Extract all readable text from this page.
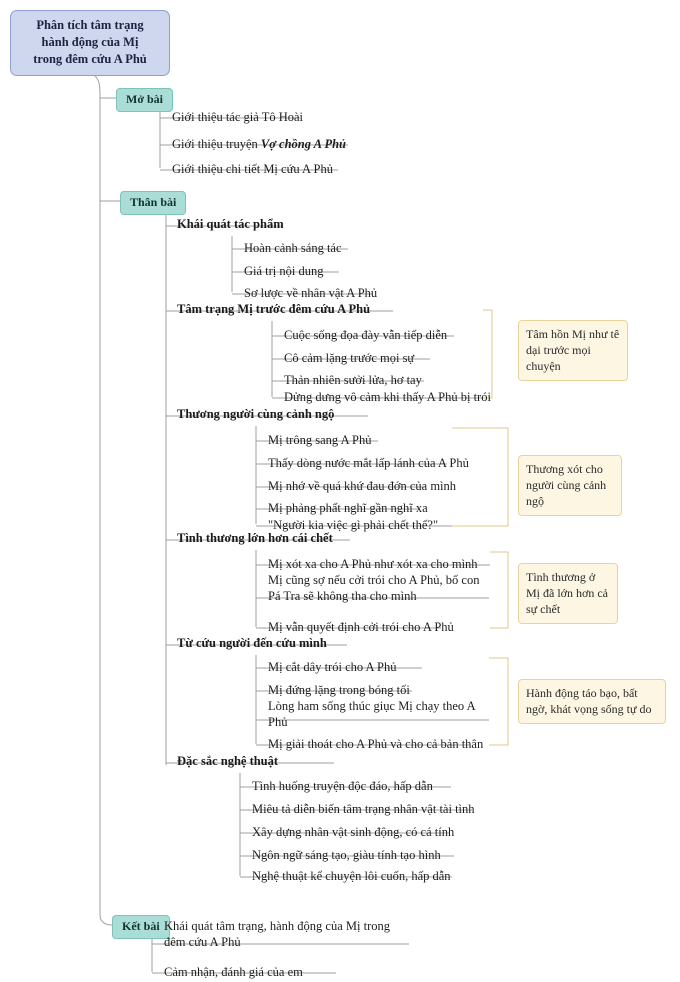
Phân tích tâm trạng
hành động của Mị
trong đêm cứu A Phủ
Mở bài
Giới thiệu tác giả Tô Hoài
Giới thiệu truyện Vợ chồng A Phủ
Giới thiệu chi tiết Mị cứu A Phủ
Thân bài
Khái quát tác phẩm
Hoàn cảnh sáng tác
Giá trị nội dung
Sơ lược về nhân vật A Phủ
Tâm trạng Mị trước đêm cứu A Phủ
Cuộc sống đọa đày vẫn tiếp diễn
Cô cảm lặng trước mọi sự
Thản nhiên sưởi lửa, hơ tay
Dửng dưng vô cảm khi thấy A Phủ bị trói
Tâm hồn Mị như tê dại trước mọi chuyện
Thương người cùng cảnh ngộ
Mị trông sang A Phủ
Thấy dòng nước mắt lấp lánh của A Phủ
Mị nhớ về quá khứ đau đớn của mình
Mị phảng phất nghĩ gần nghĩ xa
"Người kia việc gì phải chết thế?"
Thương xót cho người cùng cảnh ngộ
Tình thương lớn hơn cái chết
Mị xót xa cho A Phủ như xót xa cho mình
Mị cũng sợ nếu cởi trói cho A Phủ, bố con Pá Tra sẽ không tha cho mình
Mị vẫn quyết định cởi trói cho A Phủ
Tình thương ở Mị đã lớn hơn cả sự chết
Từ cứu người đến cứu mình
Mị cắt dây trói cho A Phủ
Mị đứng lặng trong bóng tối
Lòng ham sống thúc giục Mị chạy theo A Phủ
Mị giải thoát cho A Phủ và cho cả bản thân
Hành động táo bạo, bất ngờ, khát vọng sống tự do
Đặc sắc nghệ thuật
Tình huống truyện độc đáo, hấp dẫn
Miêu tả diễn biến tâm trạng nhân vật tài tình
Xây dựng nhân vật sinh động, có cá tính
Ngôn ngữ sáng tạo, giàu tính tạo hình
Nghệ thuật kể chuyện lôi cuốn, hấp dẫn
Kết bài Khái quát tâm trạng, hành động của Mị trong đêm cứu A Phủ
Cảm nhận, đánh giá của em
